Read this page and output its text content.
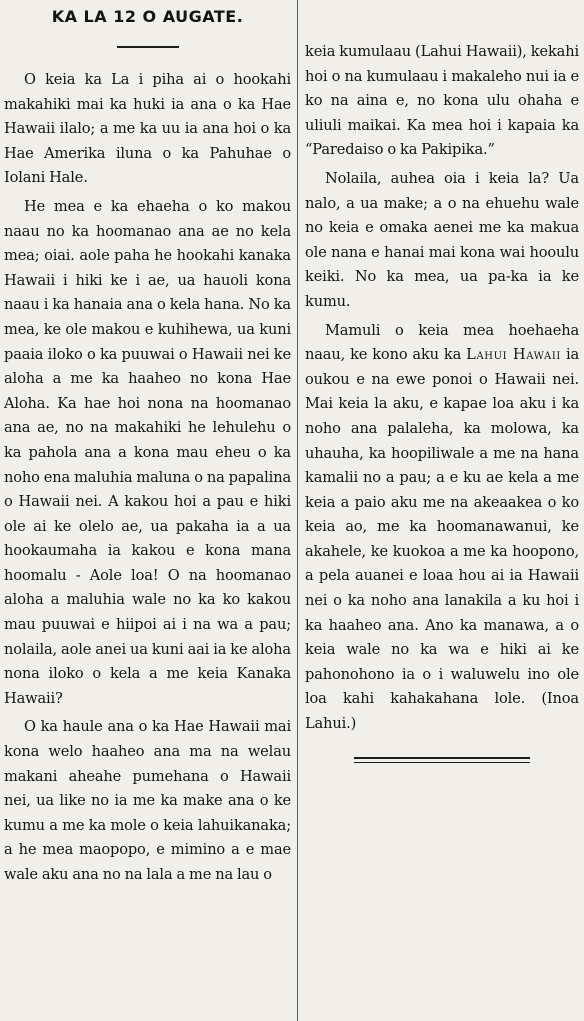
KA LA 12 O AUGATE.

O keia ka La i piha ai o hookahi makahiki mai ka huki ia ana o ka Hae Hawaii ilalo; a me ka uu ia ana hoi o ka Hae Amerika iluna o ka Pahuhae o Iolani Hale.

He mea e ka ehaeha o ko makou naau no ka hoomanao ana ae no kela mea; oiai. aole paha he hookahi kanaka Hawaii i hiki ke i ae, ua hauoli kona naau i ka hanaia ana o kela hana. No ka mea, ke ole makou e kuhihewa, ua kuni paaia iloko o ka puuwai o Hawaii nei ke aloha a me ka haaheo no kona Hae Aloha. Ka hae hoi nona na hoomanao ana ae, no na makahiki he lehulehu o ka pahola ana a kona mau eheu o ka noho ena maluhia maluna o na papalina o Hawaii nei. A kakou hoi a pau e hiki ole ai ke olelo ae, ua pakaha ia a ua hookaumaha ia kakou e kona mana hoomalu - Aole loa! O na hoomanao aloha a maluhia wale no ka ko kakou mau puuwai e hiipoi ai i na wa a pau; nolaila, aole anei ua kuni aai ia ke aloha nona iloko o kela a me keia Kanaka Hawaii?

O ka haule ana o ka Hae Hawaii mai kona welo haaheo ana ma na welau makani aheahe pumehana o Hawaii nei, ua like no ia me ka make ana o ke kumu a me ka mole o keia lahuikanaka; a he mea maopopo, e mimino a e mae wale aku ana no na lala a me na lau o

keia kumulaau (Lahui Hawaii), kekahi hoi o na kumulaau i makaleho nui ia e ko na aina e, no kona ulu ohaha e uliuli maikai. Ka mea hoi i kapaia ka “Paredaiso o ka Pakipika.”

Nolaila, auhea oia i keia la? Ua nalo, a ua make; a o na ehuehu wale no keia e omaka aenei me ka makua ole nana e hanai mai kona wai hooulu keiki. No ka mea, ua pa-ka ia ke kumu.

Mamuli o keia mea hoehaeha naau, ke kono aku ka Lahui Hawaii ia oukou e na ewe ponoi o Hawaii nei. Mai keia la aku, e kapae loa aku i ka noho ana palaleha, ka molowa, ka uhauha, ka hoopiliwale a me na hana kamalii no a pau; a e ku ae kela a me keia a paio aku me na akeaakea o ko keia ao, me ka hoomanawanui, ke akahele, ke kuokoa a me ka hoopono, a pela auanei e loaa hou ai ia Hawaii nei o ka noho ana lanakila a ku hoi i ka haaheo ana. Ano ka manawa, a o keia wale no ka wa e hiki ai ke pahonohono ia o i waluwelu ino ole loa kahi kahakahana lole. (Inoa Lahui.)
